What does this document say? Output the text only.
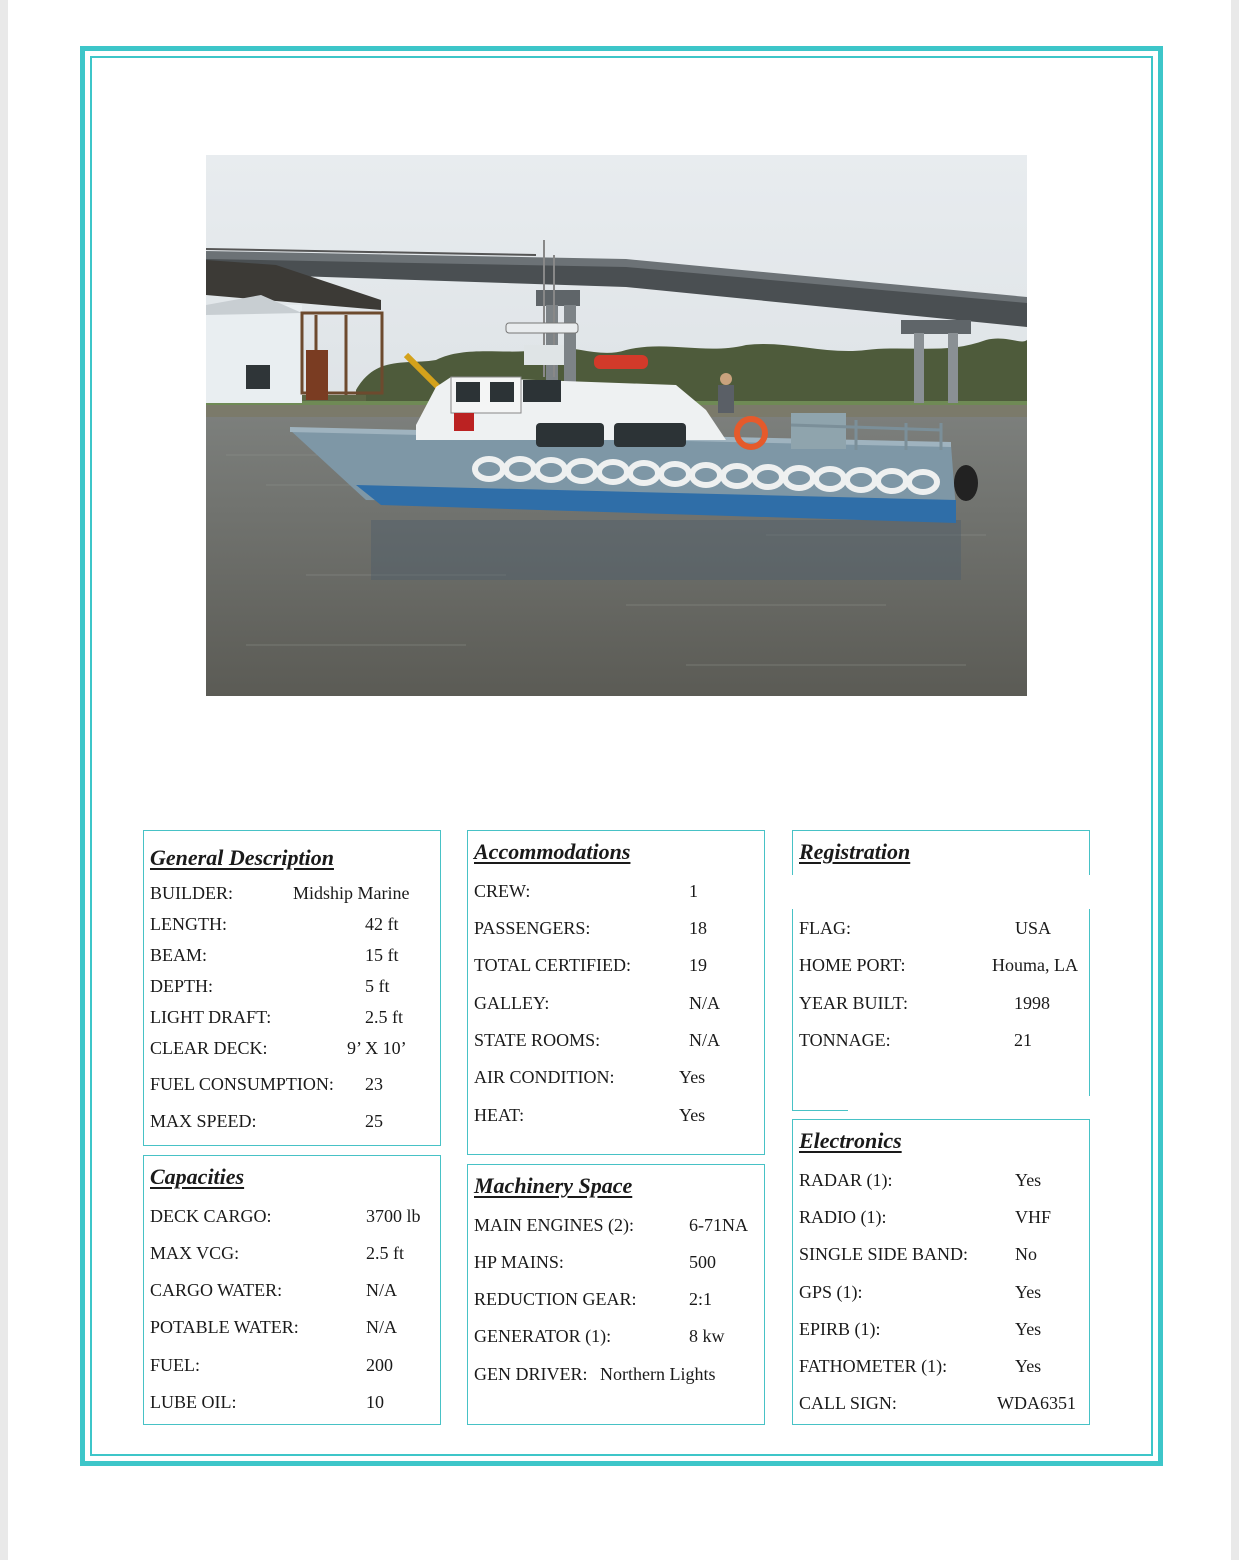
General Description
BUILDER:	Midship Marine
LENGTH:	42 ft
BEAM:	15 ft
DEPTH:	5 ft
LIGHT DRAFT:	2.5 ft
CLEAR DECK:	9’ X 10’
FUEL CONSUMPTION: 23
MAX SPEED:	25
Accommodations
CREW:	1
PASSENGERS:	18
TOTAL CERTIFIED:	19
GALLEY:	N/A
STATE ROOMS:	N/A
AIR CONDITION:	Yes
HEAT:	Yes
Registration
FLAG:	USA
HOME PORT:	Houma, LA
YEAR BUILT:	1998
TONNAGE:	21
Capacities
DECK CARGO:	3700 lb
MAX VCG:	2.5 ft
CARGO WATER:	N/A
POTABLE WATER:	N/A
FUEL:	200
LUBE OIL:	10
Machinery Space
MAIN ENGINES (2):	6-71NA
HP MAINS:	500
REDUCTION GEAR:	2:1
GENERATOR (1):	8 kw
GEN DRIVER: Northern Lights
Electronics
RADAR (1):	Yes
RADIO (1):	VHF
SINGLE SIDE BAND:	No
GPS (1):	Yes
EPIRB (1):	Yes
FATHOMETER (1):	Yes
CALL SIGN:	WDA6351
